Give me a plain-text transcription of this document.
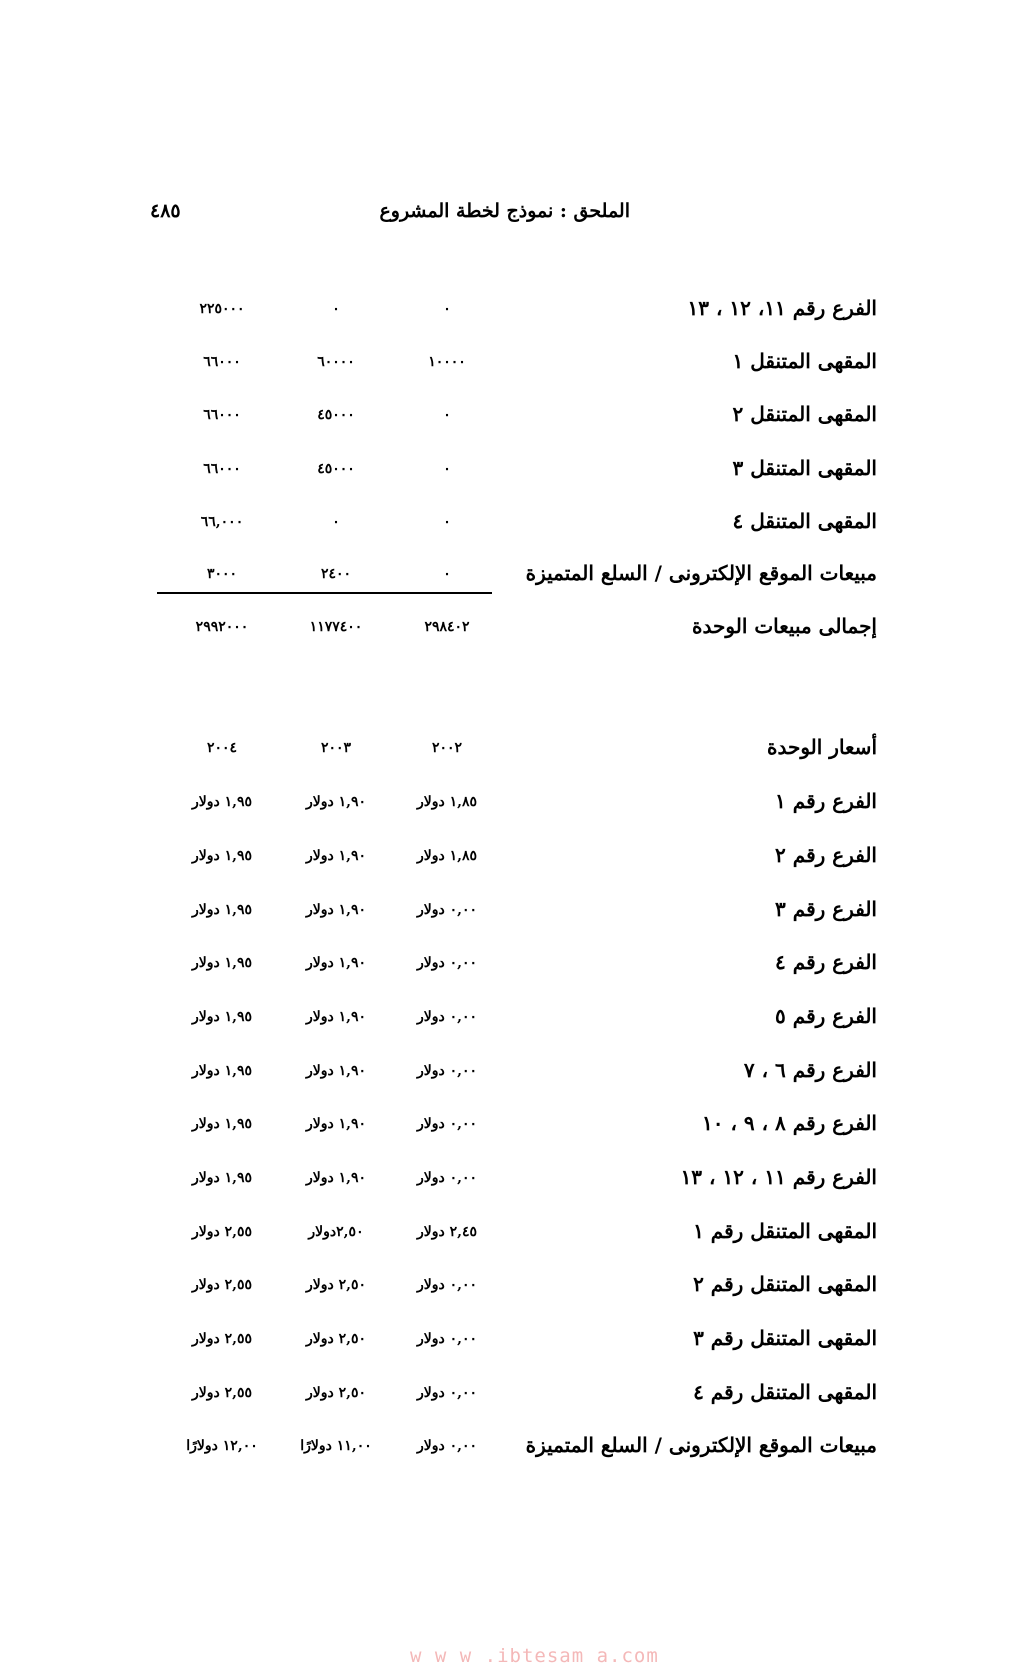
الملحق : نموذج لخطة المشروع
٤٨٥
الفرع رقم ١١، ١٢ ، ١٣
٠
٠
٢٢٥٠٠٠
المقهى المتنقل ١
١٠٠٠٠
٦٠٠٠٠
٦٦٠٠٠
المقهى المتنقل ٢
٠
٤٥٠٠٠
٦٦٠٠٠
المقهى المتنقل ٣
٠
٤٥٠٠٠
٦٦٠٠٠
المقهى المتنقل ٤
٠
٠
٦٦,٠٠٠
مبيعات الموقع الإلكترونى / السلع المتميزة
٠
٢٤٠٠
٣٠٠٠
إجمالى مبيعات الوحدة
٢٩٨٤٠٢
١١٧٧٤٠٠
٢٩٩٢٠٠٠
أسعار الوحدة
٢٠٠٢
٢٠٠٣
٢٠٠٤
الفرع رقم ١
١,٨٥ دولار
١,٩٠ دولار
١,٩٥ دولار
الفرع رقم ٢
١,٨٥ دولار
١,٩٠ دولار
١,٩٥ دولار
الفرع رقم ٣
٠,٠٠ دولار
١,٩٠ دولار
١,٩٥ دولار
الفرع رقم ٤
٠,٠٠ دولار
١,٩٠ دولار
١,٩٥ دولار
الفرع رقم ٥
٠,٠٠ دولار
١,٩٠ دولار
١,٩٥ دولار
الفرع رقم ٦ ، ٧
٠,٠٠ دولار
١,٩٠ دولار
١,٩٥ دولار
الفرع رقم ٨ ، ٩ ، ١٠
٠,٠٠ دولار
١,٩٠ دولار
١,٩٥ دولار
الفرع رقم ١١ ، ١٢ ، ١٣
٠,٠٠ دولار
١,٩٠ دولار
١,٩٥ دولار
المقهى المتنقل رقم ١
٢,٤٥ دولار
٢,٥٠دولار
٢,٥٥ دولار
المقهى المتنقل رقم ٢
٠,٠٠ دولار
٢,٥٠ دولار
٢,٥٥ دولار
المقهى المتنقل رقم ٣
٠,٠٠ دولار
٢,٥٠ دولار
٢,٥٥ دولار
المقهى المتنقل رقم ٤
٠,٠٠ دولار
٢,٥٠ دولار
٢,٥٥ دولار
مبيعات الموقع الإلكترونى / السلع المتميزة
٠,٠٠ دولار
١١,٠٠ دولارًا
١٢,٠٠ دولارًا
w w w .ibtesam a.com
